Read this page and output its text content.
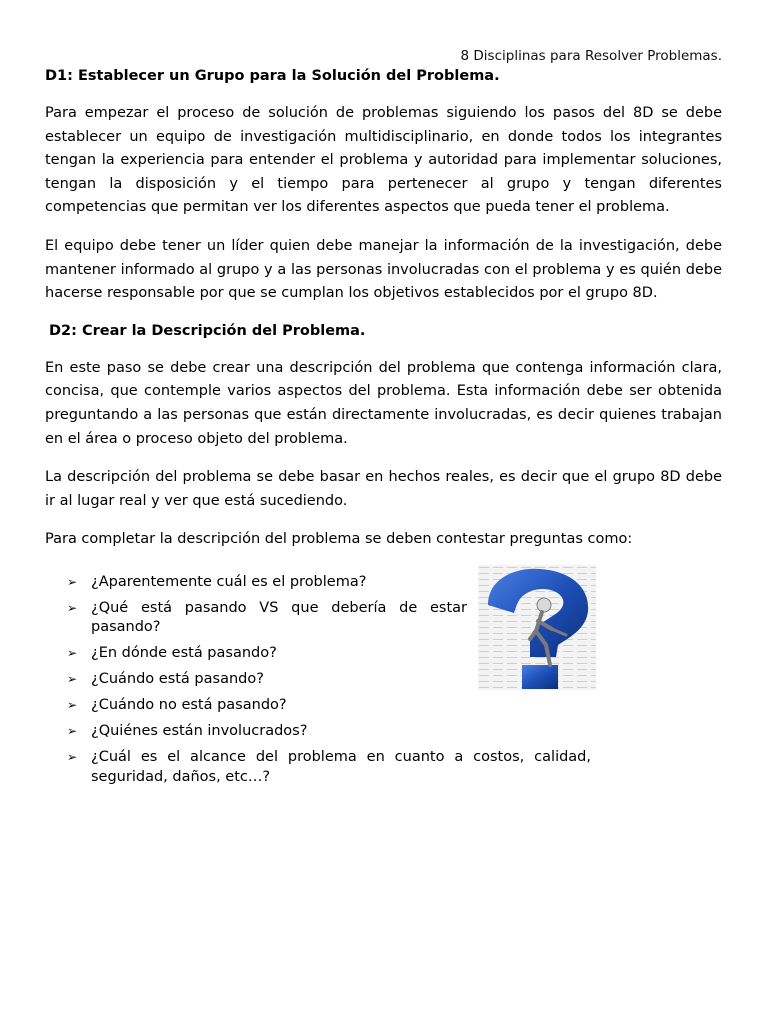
8 Disciplinas para Resolver Problemas.
D1: Establecer un Grupo para la Solución del Problema.

Para empezar el proceso de solución de problemas siguiendo los pasos del 8D se debe establecer un equipo de investigación multidisciplinario, en donde todos los integrantes tengan la experiencia para entender el problema y autoridad para implementar soluciones, tengan la disposición y el tiempo para pertenecer al grupo y tengan diferentes competencias que permitan ver los diferentes aspectos que pueda tener el problema.

El equipo debe tener un líder quien debe manejar la información de la investigación, debe mantener informado al grupo y a las personas involucradas con el problema y es quién debe hacerse responsable por que se cumplan los objetivos establecidos por el grupo 8D.

D2: Crear la Descripción del Problema.

En este paso se debe crear una descripción del problema que contenga información clara, concisa, que contemple varios aspectos del problema. Esta información debe ser obtenida preguntando a las personas que están directamente involucradas, es decir quienes trabajan en el área o proceso objeto del problema.

La descripción del problema se debe basar en hechos reales, es decir que el grupo 8D debe ir al lugar real y ver que está sucediendo.

Para completar la descripción del problema se deben contestar preguntas como:

➢ ¿Aparentemente cuál es el problema?
➢ ¿Qué está pasando VS que debería de estar pasando?
➢ ¿En dónde está pasando?
➢ ¿Cuándo está pasando?
➢ ¿Cuándo no está pasando?
➢ ¿Quiénes están involucrados?
➢ ¿Cuál es el alcance del problema en cuanto a costos, calidad, seguridad, daños, etc…?
